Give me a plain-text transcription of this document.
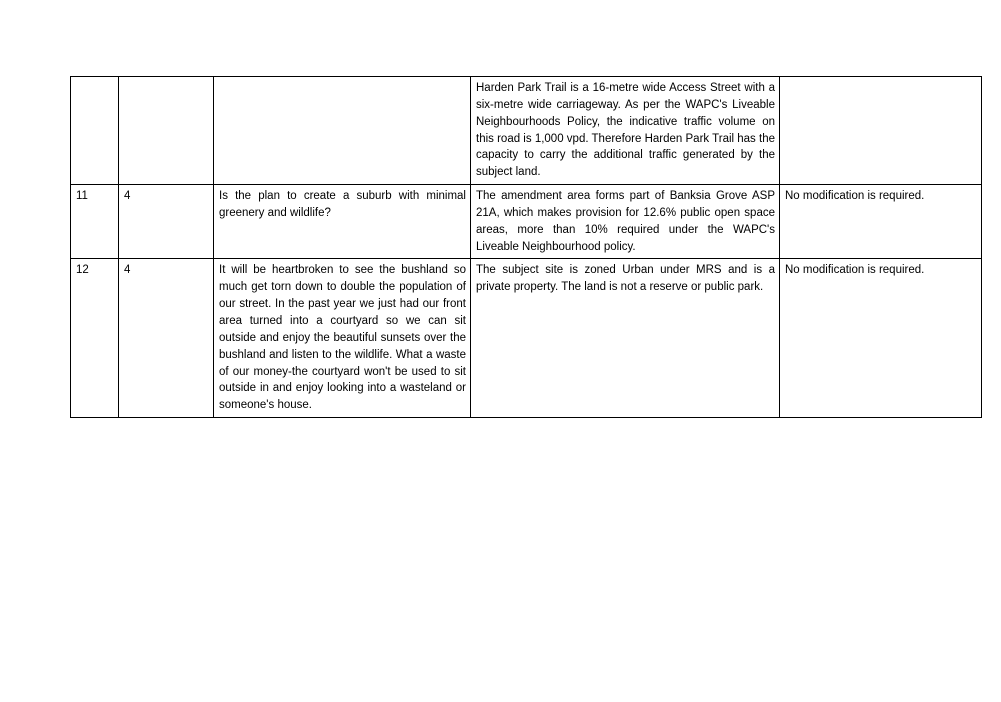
			Harden Park Trail is a 16-metre wide Access Street with a six-metre wide carriageway. As per the WAPC's Liveable Neighbourhoods Policy, the indicative traffic volume on this road is 1,000 vpd. Therefore Harden Park Trail has the capacity to carry the additional traffic generated by the subject land.	

11	4	Is the plan to create a suburb with minimal greenery and wildlife?	The amendment area forms part of Banksia Grove ASP 21A, which makes provision for 12.6% public open space areas, more than 10% required under the WAPC's Liveable Neighbourhood policy.	No modification is required.

12	4	It will be heartbroken to see the bushland so much get torn down to double the population of our street. In the past year we just had our front area turned into a courtyard so we can sit outside and enjoy the beautiful sunsets over the bushland and listen to the wildlife. What a waste of our money-the courtyard won't be used to sit outside in and enjoy looking into a wasteland or someone's house.	The subject site is zoned Urban under MRS and is a private property. The land is not a reserve or public park.	No modification is required.
